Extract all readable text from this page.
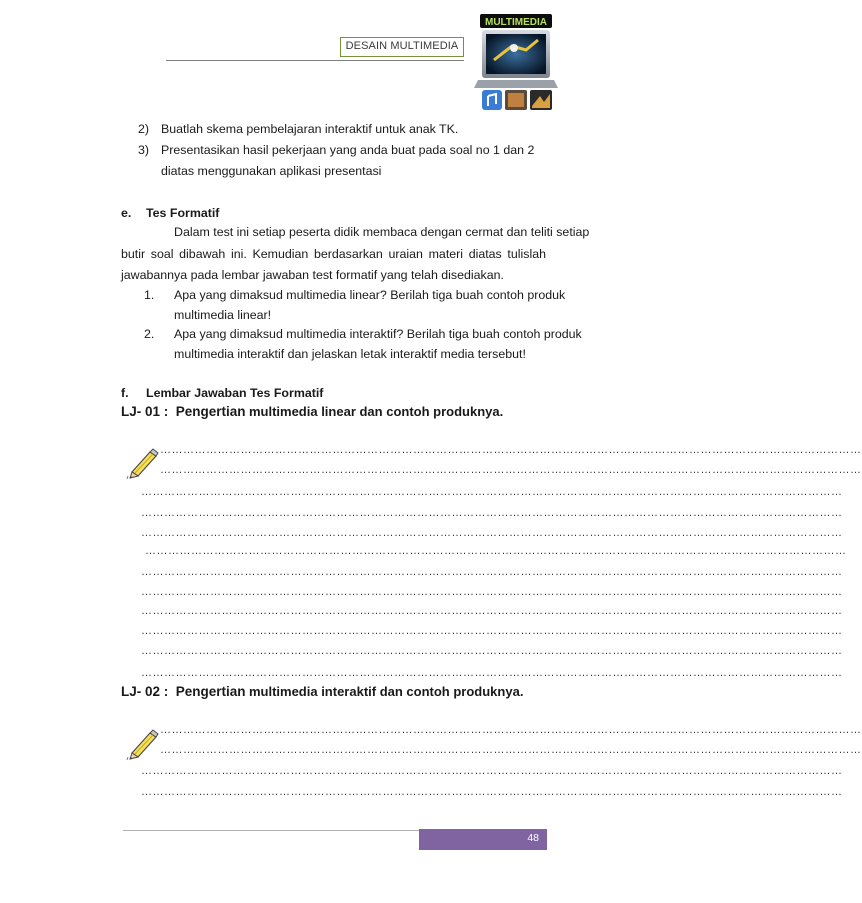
DESAIN MULTIMEDIA
MULTIMEDIA
2) Buatlah skema pembelajaran interaktif untuk anak TK.
3) Presentasikan hasil pekerjaan yang anda buat pada soal no 1 dan 2
diatas menggunakan aplikasi presentasi
e. Tes Formatif
Dalam test ini setiap peserta didik membaca dengan cermat dan teliti setiap
butir soal dibawah ini. Kemudian berdasarkan uraian materi diatas tulislah
jawabannya pada lembar jawaban test formatif yang telah disediakan.
1. Apa yang dimaksud multimedia linear? Berilah tiga buah contoh produk
multimedia linear!
2. Apa yang dimaksud multimedia interaktif? Berilah tiga buah contoh produk
multimedia interaktif dan jelaskan letak interaktif media tersebut!
f. Lembar Jawaban Tes Formatif
LJ- 01 : Pengertian multimedia linear dan contoh produknya.
…………………………………………………………………………………………………………………………………………………………………
…………………………………………………………………………………………………………………………………………………………………
…………………………………………………………………………………………………………………………………………………………………
…………………………………………………………………………………………………………………………………………………………………
…………………………………………………………………………………………………………………………………………………………………
…………………………………………………………………………………………………………………………………………………………………
…………………………………………………………………………………………………………………………………………………………………
…………………………………………………………………………………………………………………………………………………………………
…………………………………………………………………………………………………………………………………………………………………
…………………………………………………………………………………………………………………………………………………………………
…………………………………………………………………………………………………………………………………………………………………
…………………………………………………………………………………………………………………………………………………………………
LJ- 02 : Pengertian multimedia interaktif dan contoh produknya.
…………………………………………………………………………………………………………………………………………………………………
…………………………………………………………………………………………………………………………………………………………………
…………………………………………………………………………………………………………………………………………………………………
…………………………………………………………………………………………………………………………………………………………………
48
